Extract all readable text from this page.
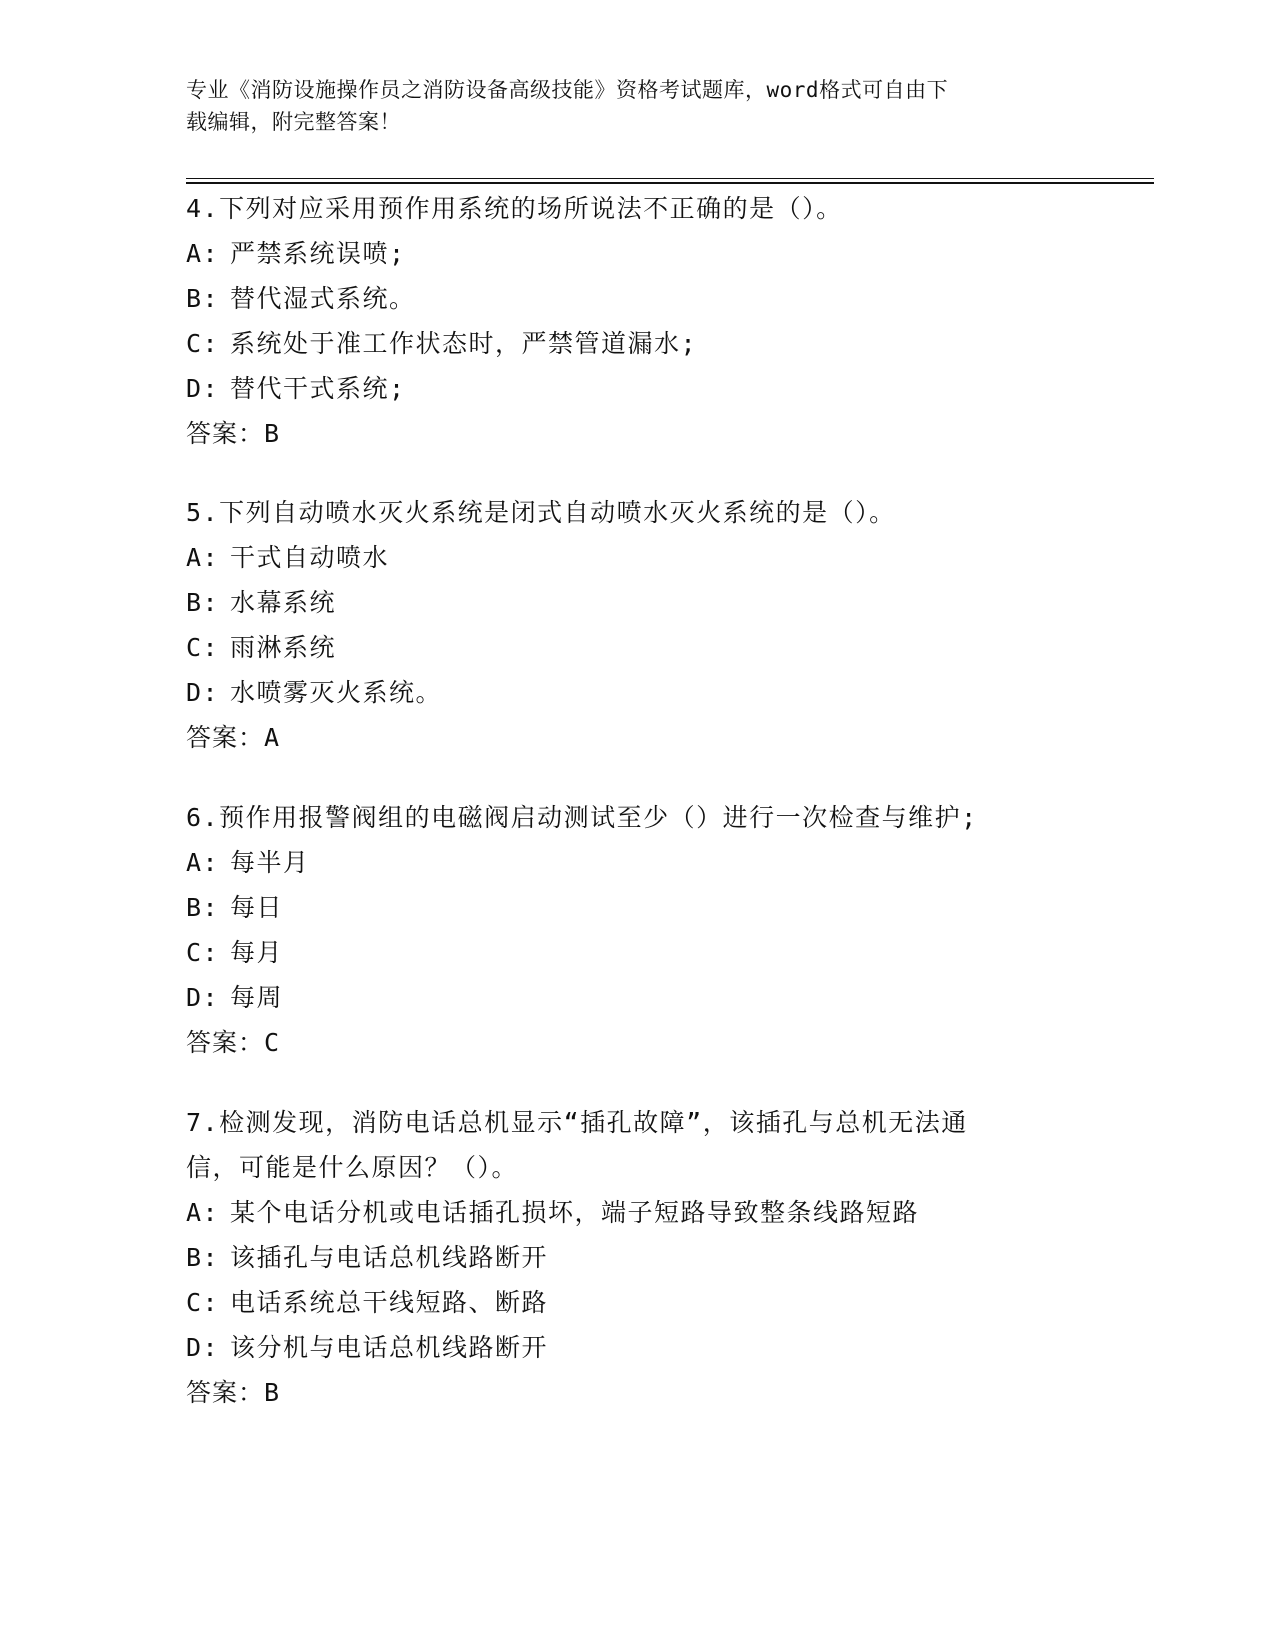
专业《消防设施操作员之消防设备高级技能》资格考试题库，word格式可自由下

载编辑，附完整答案！

4.下列对应采用预作用系统的场所说法不正确的是（）。
A: 严禁系统误喷;
B: 替代湿式系统。
C: 系统处于准工作状态时，严禁管道漏水;
D: 替代干式系统;
答案：B
5.下列自动喷水灭火系统是闭式自动喷水灭火系统的是（）。
A: 干式自动喷水
B: 水幕系统
C: 雨淋系统
D: 水喷雾灭火系统。
答案：A
6.预作用报警阀组的电磁阀启动测试至少（）进行一次检查与维护;
A: 每半月
B: 每日
C: 每月
D: 每周
答案：C
7.检测发现，消防电话总机显示“插孔故障”，该插孔与总机无法通
信，可能是什么原因？（）。
A: 某个电话分机或电话插孔损坏，端子短路导致整条线路短路
B: 该插孔与电话总机线路断开
C: 电话系统总干线短路、断路
D: 该分机与电话总机线路断开
答案：B
